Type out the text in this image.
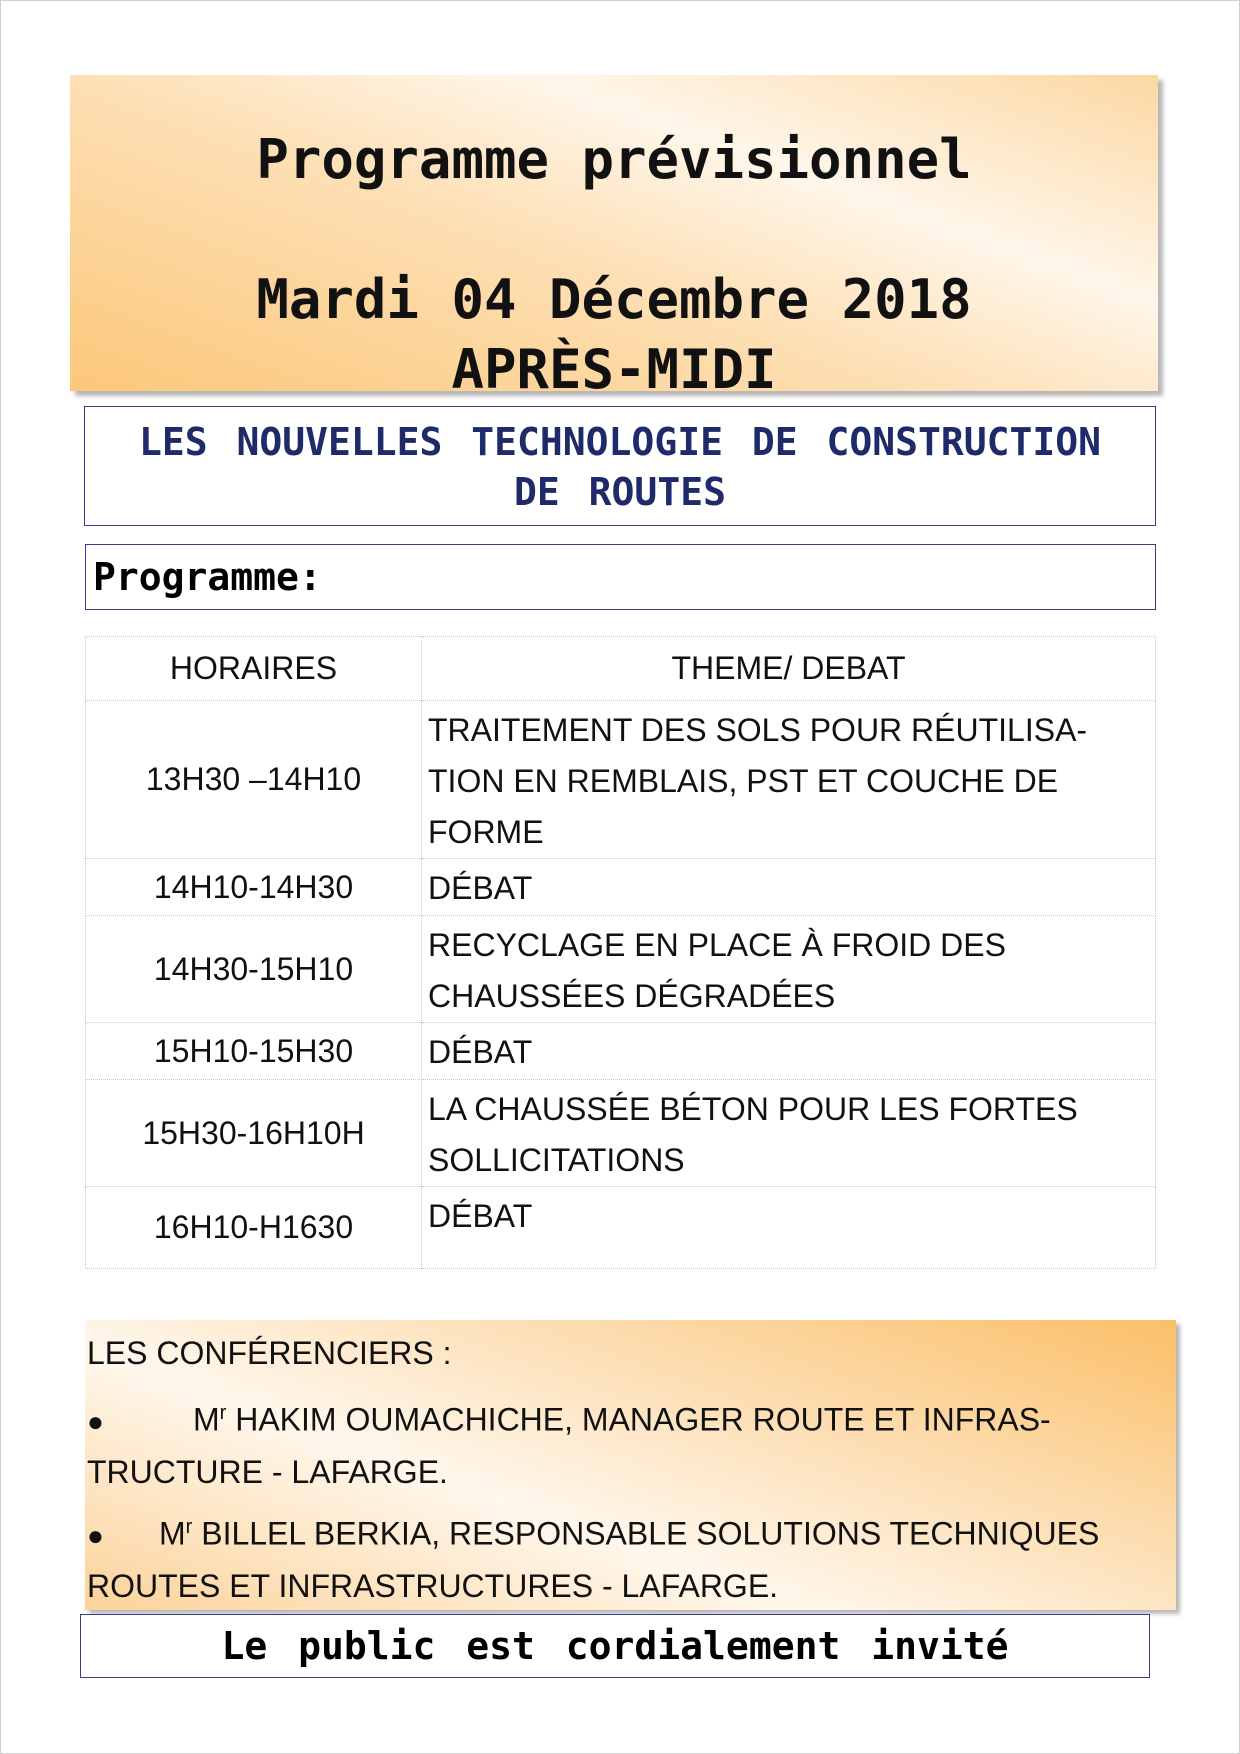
Programme prévisionnel
Mardi 04 Décembre 2018
APRÈS-MIDI
LES NOUVELLES TECHNOLOGIE DE CONSTRUCTION
DE ROUTES
Programme:
HORAIRES	THEME/ DEBAT
13H30 –14H10	TRAITEMENT DES SOLS POUR RÉUTILISA-
TION EN REMBLAIS, PST ET COUCHE DE
FORME

14H10-14H30	DÉBAT

14H30-15H10	RECYCLAGE EN PLACE À FROID DES
CHAUSSÉES DÉGRADÉES

15H10-15H30	DÉBAT

15H30-16H10H	LA CHAUSSÉE BÉTON POUR LES FORTES
SOLLICITATIONS

16H10-H1630	DÉBAT
LES CONFÉRENCIERS :
●	$M^r$ HAKIM OUMACHICHE, MANAGER ROUTE ET INFRAS-
TRUCTURE - LAFARGE.
● $M^r$ BILLEL BERKIA, RESPONSABLE SOLUTIONS TECHNIQUES
ROUTES ET INFRASTRUCTURES - LAFARGE.
Le public est cordialement invité
